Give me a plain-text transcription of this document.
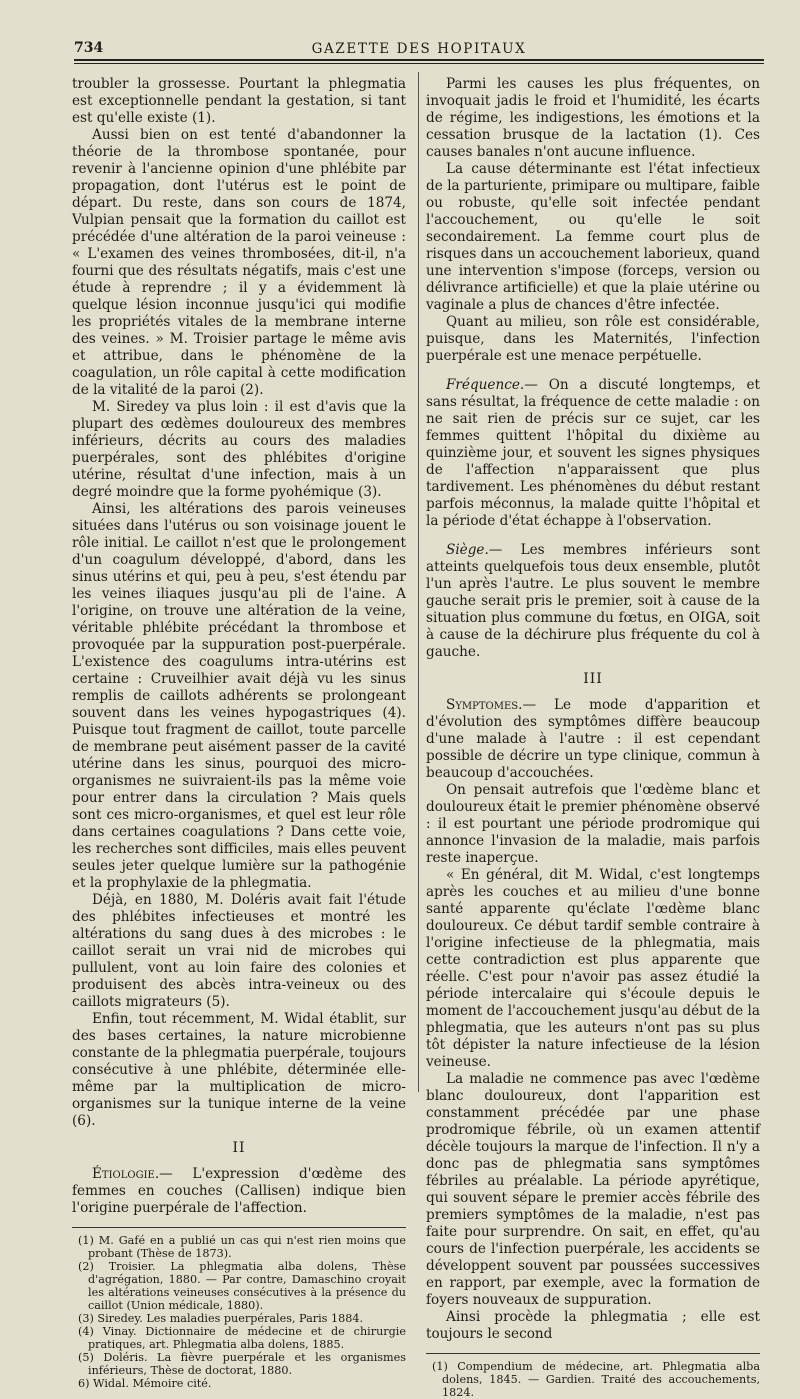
734	GAZETTE DES HOPITAUX

troubler la grossesse. Pourtant la phlegmatia est exceptionnelle pendant la gestation, si tant est qu'elle existe (1).

Aussi bien on est tenté d'abandonner la théorie de la thrombose spontanée, pour revenir à l'ancienne opinion d'une phlébite par propagation, dont l'utérus est le point de départ. Du reste, dans son cours de 1874, Vulpian pensait que la formation du caillot est précédée d'une altération de la paroi veineuse : « L'examen des veines thrombosées, dit-il, n'a fourni que des résultats négatifs, mais c'est une étude à reprendre ; il y a évidemment là quelque lésion inconnue jusqu'ici qui modifie les propriétés vitales de la membrane interne des veines. » M. Troisier partage le même avis et attribue, dans le phénomène de la coagulation, un rôle capital à cette modification de la vitalité de la paroi (2).

M. Siredey va plus loin : il est d'avis que la plupart des œdèmes douloureux des membres inférieurs, décrits au cours des maladies puerpérales, sont des phlébites d'origine utérine, résultat d'une infection, mais à un degré moindre que la forme pyohémique (3).

Ainsi, les altérations des parois veineuses situées dans l'utérus ou son voisinage jouent le rôle initial. Le caillot n'est que le prolongement d'un coagulum développé, d'abord, dans les sinus utérins et qui, peu à peu, s'est étendu par les veines iliaques jusqu'au pli de l'aine. A l'origine, on trouve une altération de la veine, véritable phlébite précédant la thrombose et provoquée par la suppuration post-puerpérale. L'existence des coagulums intra-utérins est certaine : Cruveilhier avait déjà vu les sinus remplis de caillots adhérents se prolongeant souvent dans les veines hypogastriques (4). Puisque tout fragment de caillot, toute parcelle de membrane peut aisément passer de la cavité utérine dans les sinus, pourquoi des micro-organismes ne suivraient-ils pas la même voie pour entrer dans la circulation ? Mais quels sont ces micro-organismes, et quel est leur rôle dans certaines coagulations ? Dans cette voie, les recherches sont difficiles, mais elles peuvent seules jeter quelque lumière sur la pathogénie et la prophylaxie de la phlegmatia.

Déjà, en 1880, M. Doléris avait fait l'étude des phlébites infectieuses et montré les altérations du sang dues à des microbes : le caillot serait un vrai nid de microbes qui pullulent, vont au loin faire des colonies et produisent des abcès intra-veineux ou des caillots migrateurs (5).

Enfin, tout récemment, M. Widal établit, sur des bases certaines, la nature microbienne constante de la phlegmatia puerpérale, toujours consécutive à une phlébite, déterminée elle-même par la multiplication de micro-organismes sur la tunique interne de la veine (6).

II

Étiologie.— L'expression d'œdème des femmes en couches (Callisen) indique bien l'origine puerpérale de l'affection.

(1) M. Gafé en a publié un cas qui n'est rien moins que probant (Thèse de 1873).

(2) Troisier. La phlegmatia alba dolens, Thèse d'agrégation, 1880. — Par contre, Damaschino croyait les altérations veineuses consécutives à la présence du caillot (Union médicale, 1880).

(3) Siredey. Les maladies puerpérales, Paris 1884.

(4) Vinay. Dictionnaire de médecine et de chirurgie pratiques, art. Phlegmatia alba dolens, 1885.

(5) Doléris. La fièvre puerpérale et les organismes inférieurs, Thèse de doctorat, 1880.

6) Widal. Mémoire cité.

Parmi les causes les plus fréquentes, on invoquait jadis le froid et l'humidité, les écarts de régime, les indigestions, les émotions et la cessation brusque de la lactation (1). Ces causes banales n'ont aucune influence.

La cause déterminante est l'état infectieux de la parturiente, primipare ou multipare, faible ou robuste, qu'elle soit infectée pendant l'accouchement, ou qu'elle le soit secondairement. La femme court plus de risques dans un accouchement laborieux, quand une intervention s'impose (forceps, version ou délivrance artificielle) et que la plaie utérine ou vaginale a plus de chances d'être infectée.

Quant au milieu, son rôle est considérable, puisque, dans les Maternités, l'infection puerpérale est une menace perpétuelle.

Fréquence.— On a discuté longtemps, et sans résultat, la fréquence de cette maladie : on ne sait rien de précis sur ce sujet, car les femmes quittent l'hôpital du dixième au quinzième jour, et souvent les signes physiques de l'affection n'apparaissent que plus tardivement. Les phénomènes du début restant parfois méconnus, la malade quitte l'hôpital et la période d'état échappe à l'observation.

Siège.— Les membres inférieurs sont atteints quelquefois tous deux ensemble, plutôt l'un après l'autre. Le plus souvent le membre gauche serait pris le premier, soit à cause de la situation plus commune du fœtus, en OIGA, soit à cause de la déchirure plus fréquente du col à gauche.

III

Symptomes.— Le mode d'apparition et d'évolution des symptômes diffère beaucoup d'une malade à l'autre : il est cependant possible de décrire un type clinique, commun à beaucoup d'accouchées.

On pensait autrefois que l'œdème blanc et douloureux était le premier phénomène observé : il est pourtant une période prodromique qui annonce l'invasion de la maladie, mais parfois reste inaperçue.

« En général, dit M. Widal, c'est longtemps après les couches et au milieu d'une bonne santé apparente qu'éclate l'œdème blanc douloureux. Ce début tardif semble contraire à l'origine infectieuse de la phlegmatia, mais cette contradiction est plus apparente que réelle. C'est pour n'avoir pas assez étudié la période intercalaire qui s'écoule depuis le moment de l'accouchement jusqu'au début de la phlegmatia, que les auteurs n'ont pas su plus tôt dépister la nature infectieuse de la lésion veineuse.

La maladie ne commence pas avec l'œdème blanc douloureux, dont l'apparition est constamment précédée par une phase prodromique fébrile, où un examen attentif décèle toujours la marque de l'infection. Il n'y a donc pas de phlegmatia sans symptômes fébriles au préalable. La période apyrétique, qui souvent sépare le premier accès fébrile des premiers symptômes de la maladie, n'est pas faite pour surprendre. On sait, en effet, qu'au cours de l'infection puerpérale, les accidents se développent souvent par poussées successives en rapport, par exemple, avec la formation de foyers nouveaux de suppuration.

Ainsi procède la phlegmatia ; elle est toujours le second

(1) Compendium de médecine, art. Phlegmatia alba dolens, 1845. — Gardien. Traité des accouchements, 1824.
